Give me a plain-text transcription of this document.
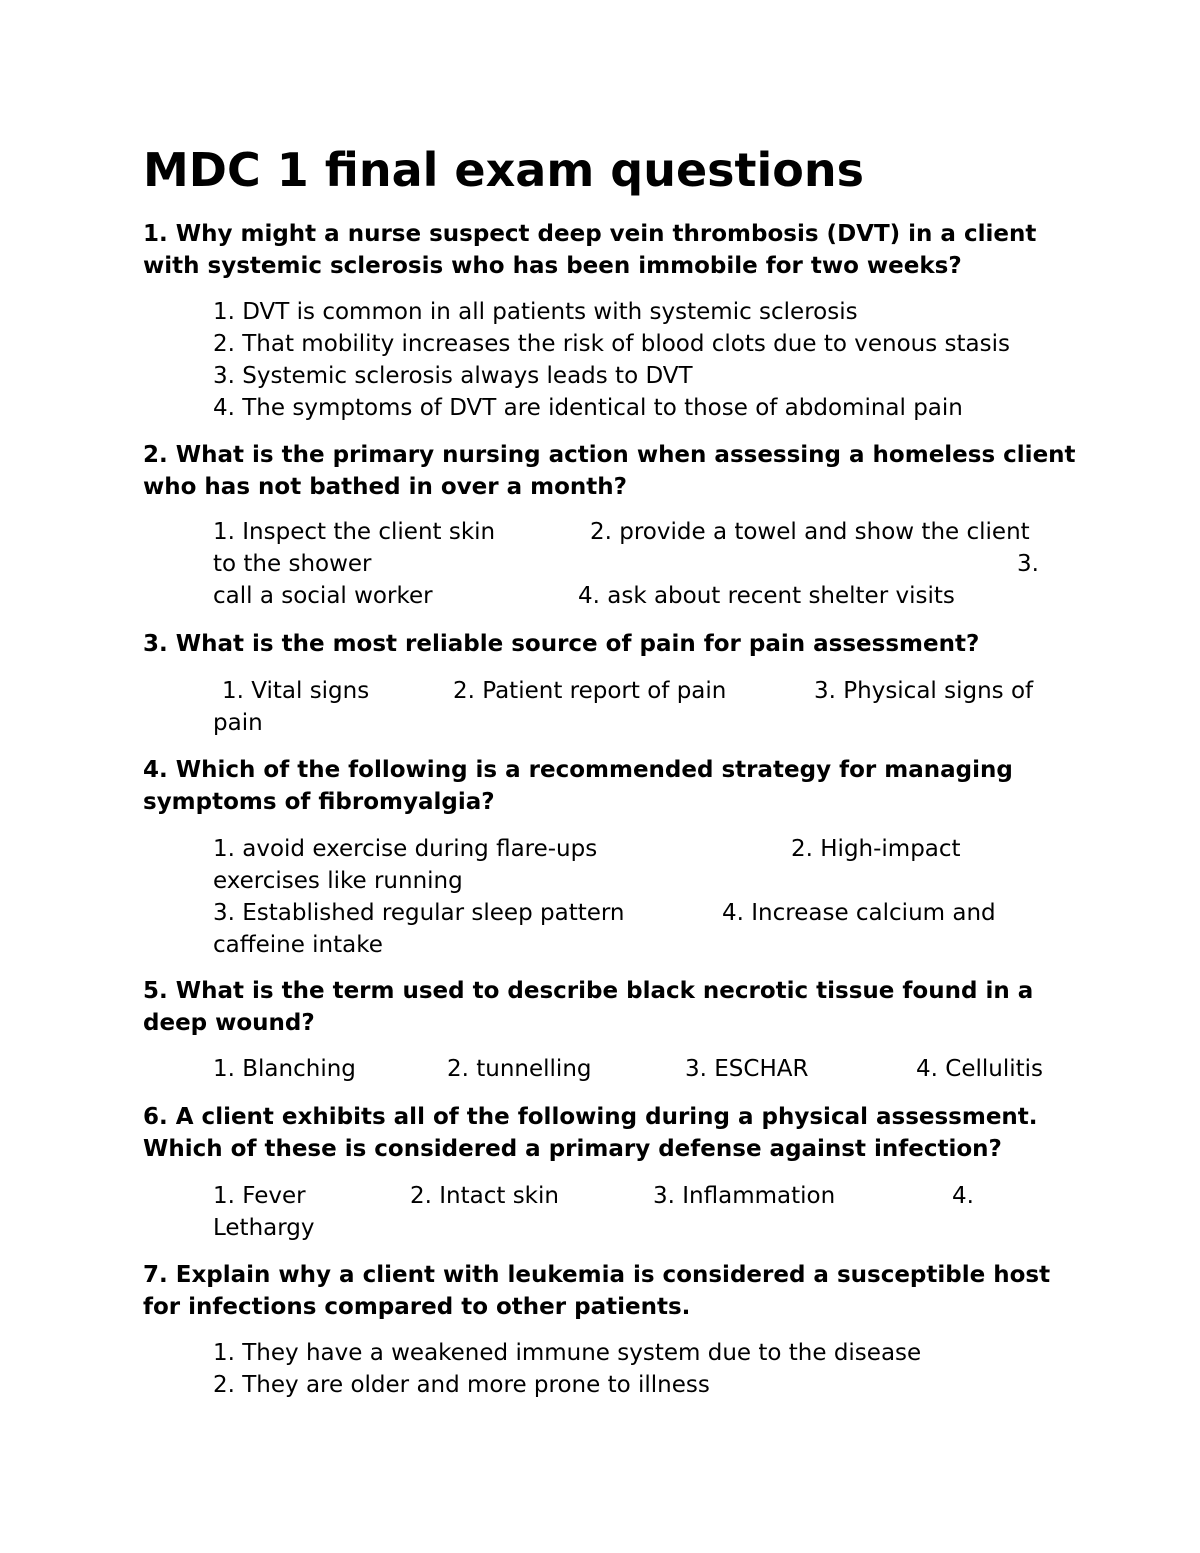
MDC 1 final exam questions

1. Why might a nurse suspect deep vein thrombosis (DVT) in a client with systemic sclerosis who has been immobile for two weeks?

1. DVT is common in all patients with systemic sclerosis
2. That mobility increases the risk of blood clots due to venous stasis
3. Systemic sclerosis always leads to DVT
4. The symptoms of DVT are identical to those of abdominal pain

2. What is the primary nursing action when assessing a homeless client who has not bathed in over a month?

1. Inspect the client skin	2. provide a towel and show the client
to the shower	3.
call a social worker	4. ask about recent shelter visits

3. What is the most reliable source of pain for pain assessment?

1. Vital signs	2. Patient report of pain	3. Physical signs of
pain

4. Which of the following is a recommended strategy for managing symptoms of fibromyalgia?

1. avoid exercise during flare-ups	2. High-impact
exercises like running
3. Established regular sleep pattern	4. Increase calcium and
caffeine intake

5. What is the term used to describe black necrotic tissue found in a deep wound?

1. Blanching	2. tunnelling	3. ESCHAR	4. Cellulitis

6. A client exhibits all of the following during a physical assessment. Which of these is considered a primary defense against infection?

1. Fever	2. Intact skin	3. Inflammation	4.
Lethargy

7. Explain why a client with leukemia is considered a susceptible host for infections compared to other patients.

1. They have a weakened immune system due to the disease
2. They are older and more prone to illness
